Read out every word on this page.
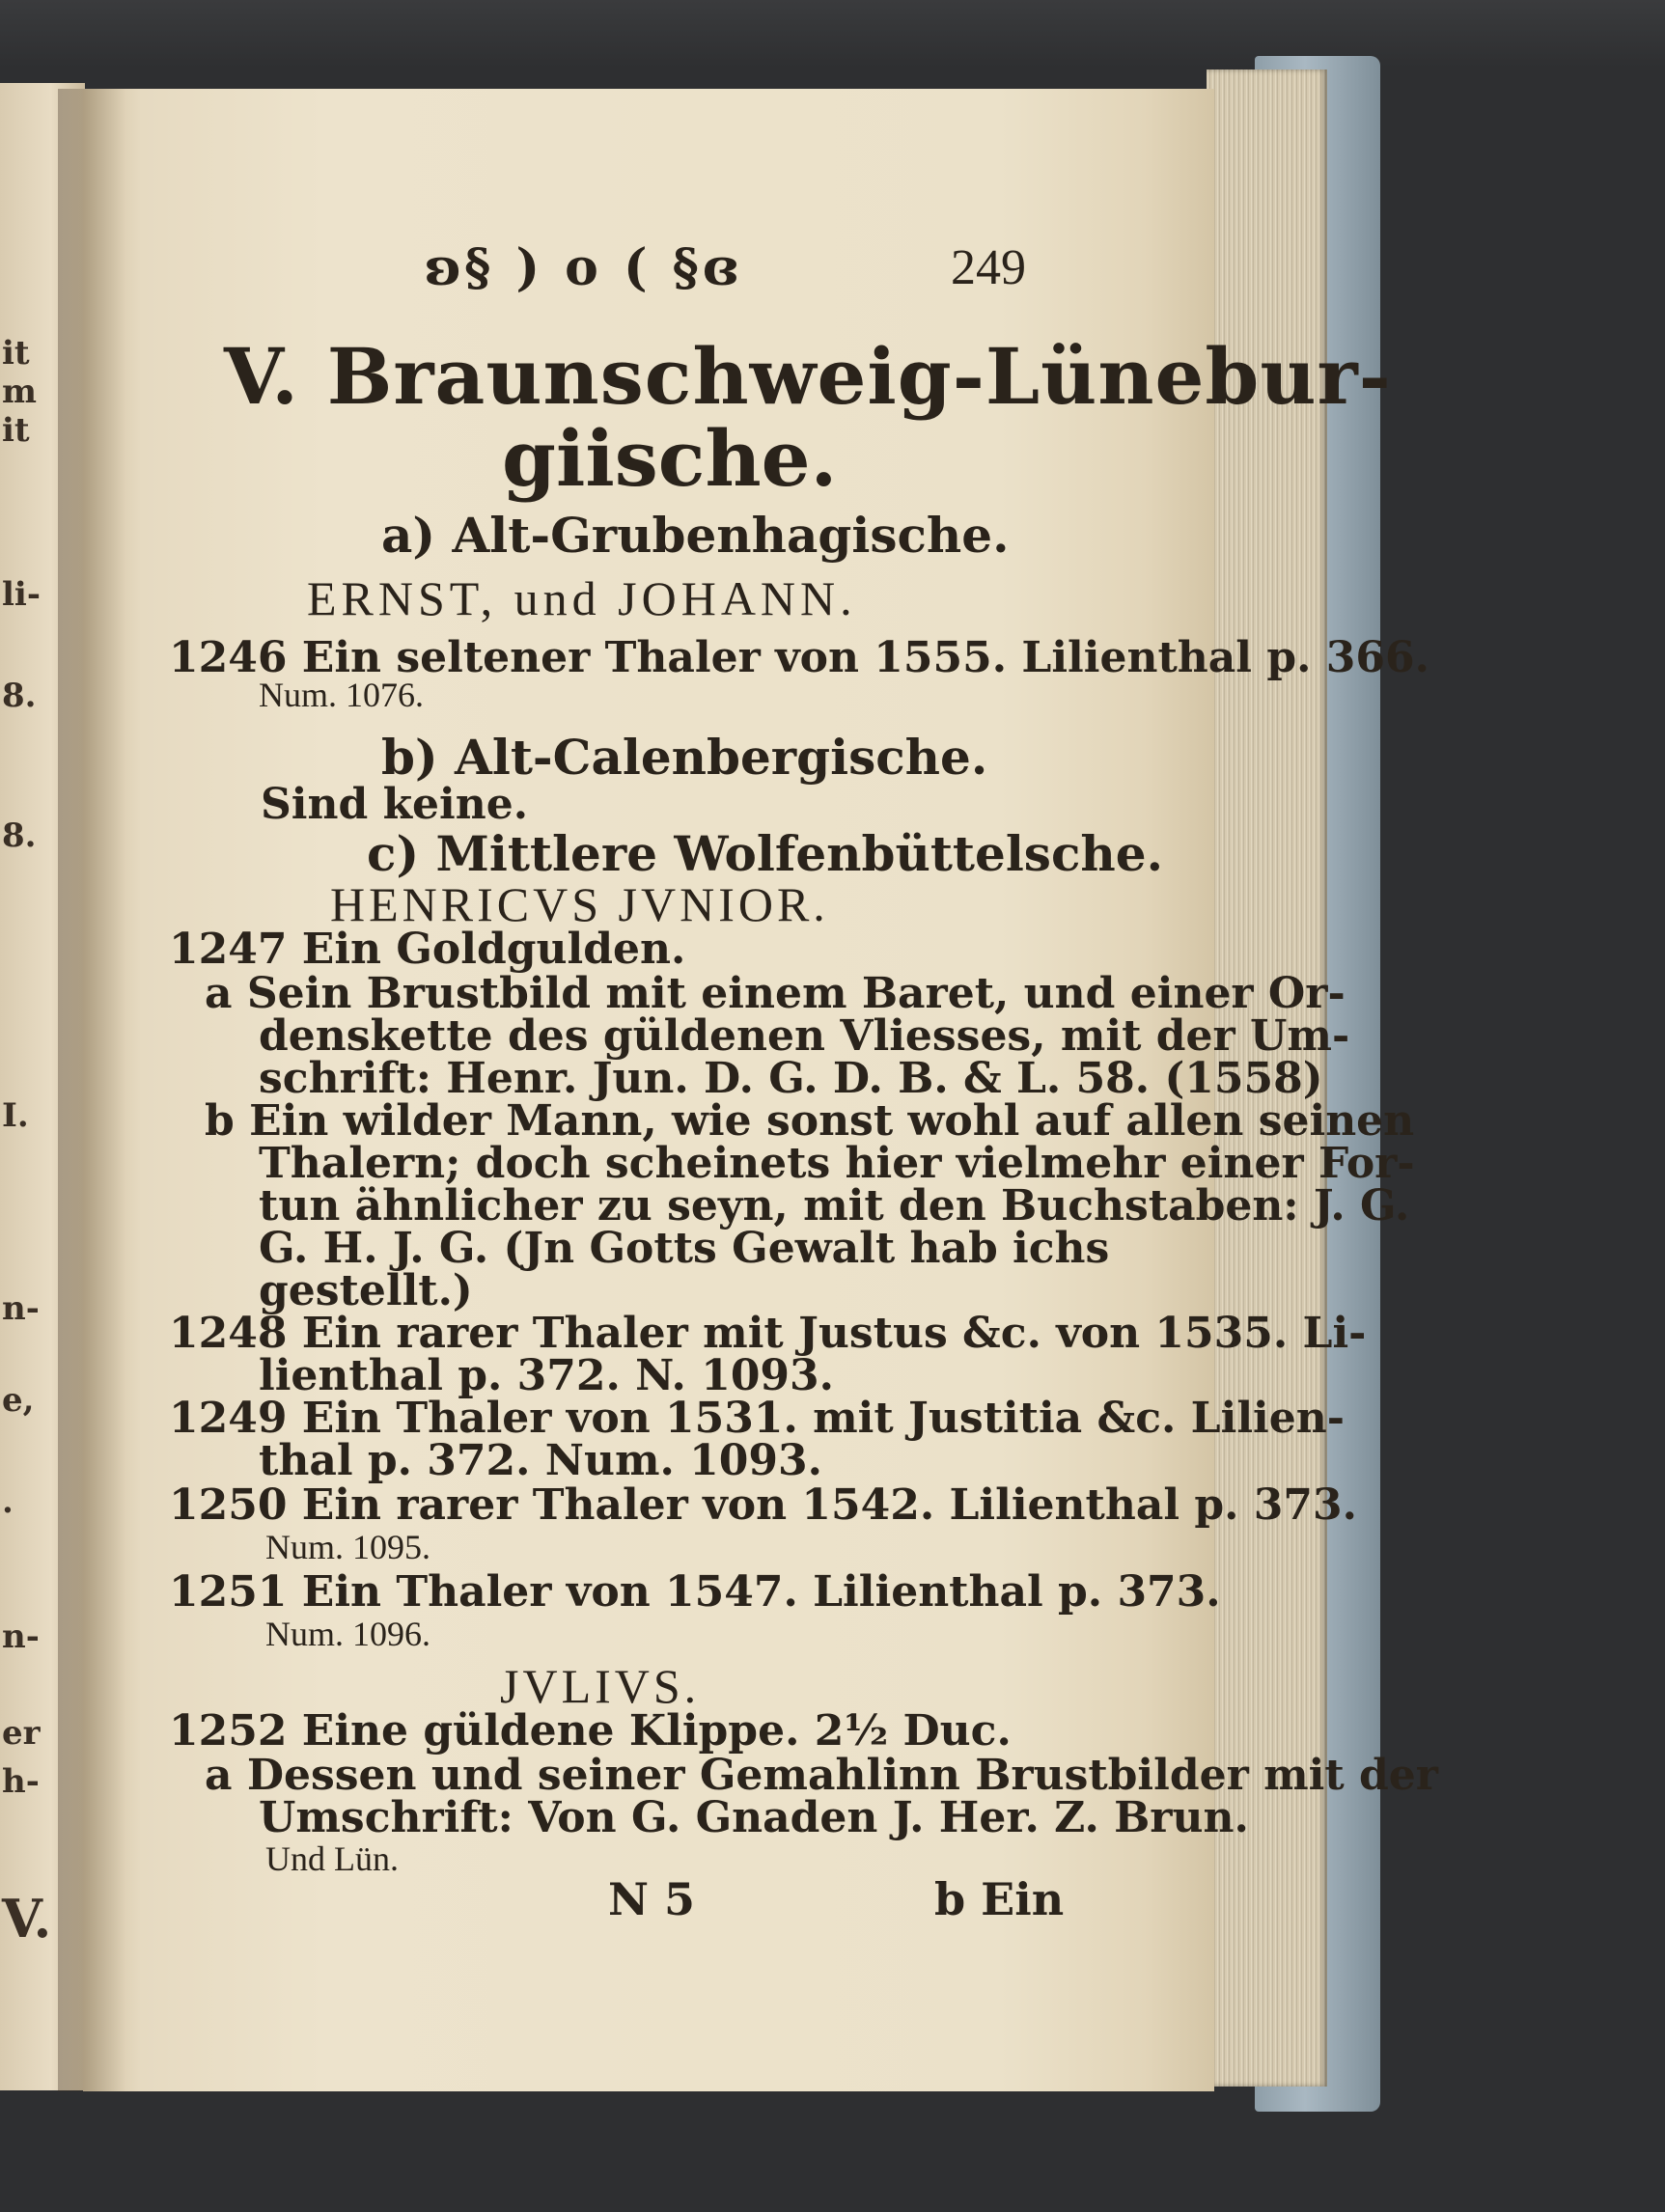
it
m
it
li-
8.
8.
I.
n-
e,
.
n-
er
h-
V.
ʚ§ ) o ( §ɞ	249
V. Braunschweig-Lünebur-
giische.
a) Alt-Grubenhagische.
ERNST, und JOHANN.
1246 Ein seltener Thaler von 1555. Lilienthal p. 366.
Num. 1076.
b) Alt-Calenbergische.
Sind keine.
c) Mittlere Wolfenbüttelsche.
HENRICVS JVNIOR.
1247 Ein Goldgulden.
a Sein Brustbild mit einem Baret, und einer Or-
denskette des güldenen Vliesses, mit der Um-
schrift: Henr. Jun. D. G. D. B. & L. 58. (1558)
b Ein wilder Mann, wie sonst wohl auf allen seinen
Thalern; doch scheinets hier vielmehr einer For-
tun ähnlicher zu seyn, mit den Buchstaben: J. G.
G. H. J. G. (Jn Gotts Gewalt hab ichs
gestellt.)
1248 Ein rarer Thaler mit Justus &c. von 1535. Li-
lienthal p. 372. N. 1093.
1249 Ein Thaler von 1531. mit Justitia &c. Lilien-
thal p. 372. Num. 1093.
1250 Ein rarer Thaler von 1542. Lilienthal p. 373.
Num. 1095.
1251 Ein Thaler von 1547. Lilienthal p. 373.
Num. 1096.
JVLIVS.
1252 Eine güldene Klippe. 2½ Duc.
a Dessen und seiner Gemahlinn Brustbilder mit der
Umschrift: Von G. Gnaden J. Her. Z. Brun.
Und Lün.
N 5	b Ein
